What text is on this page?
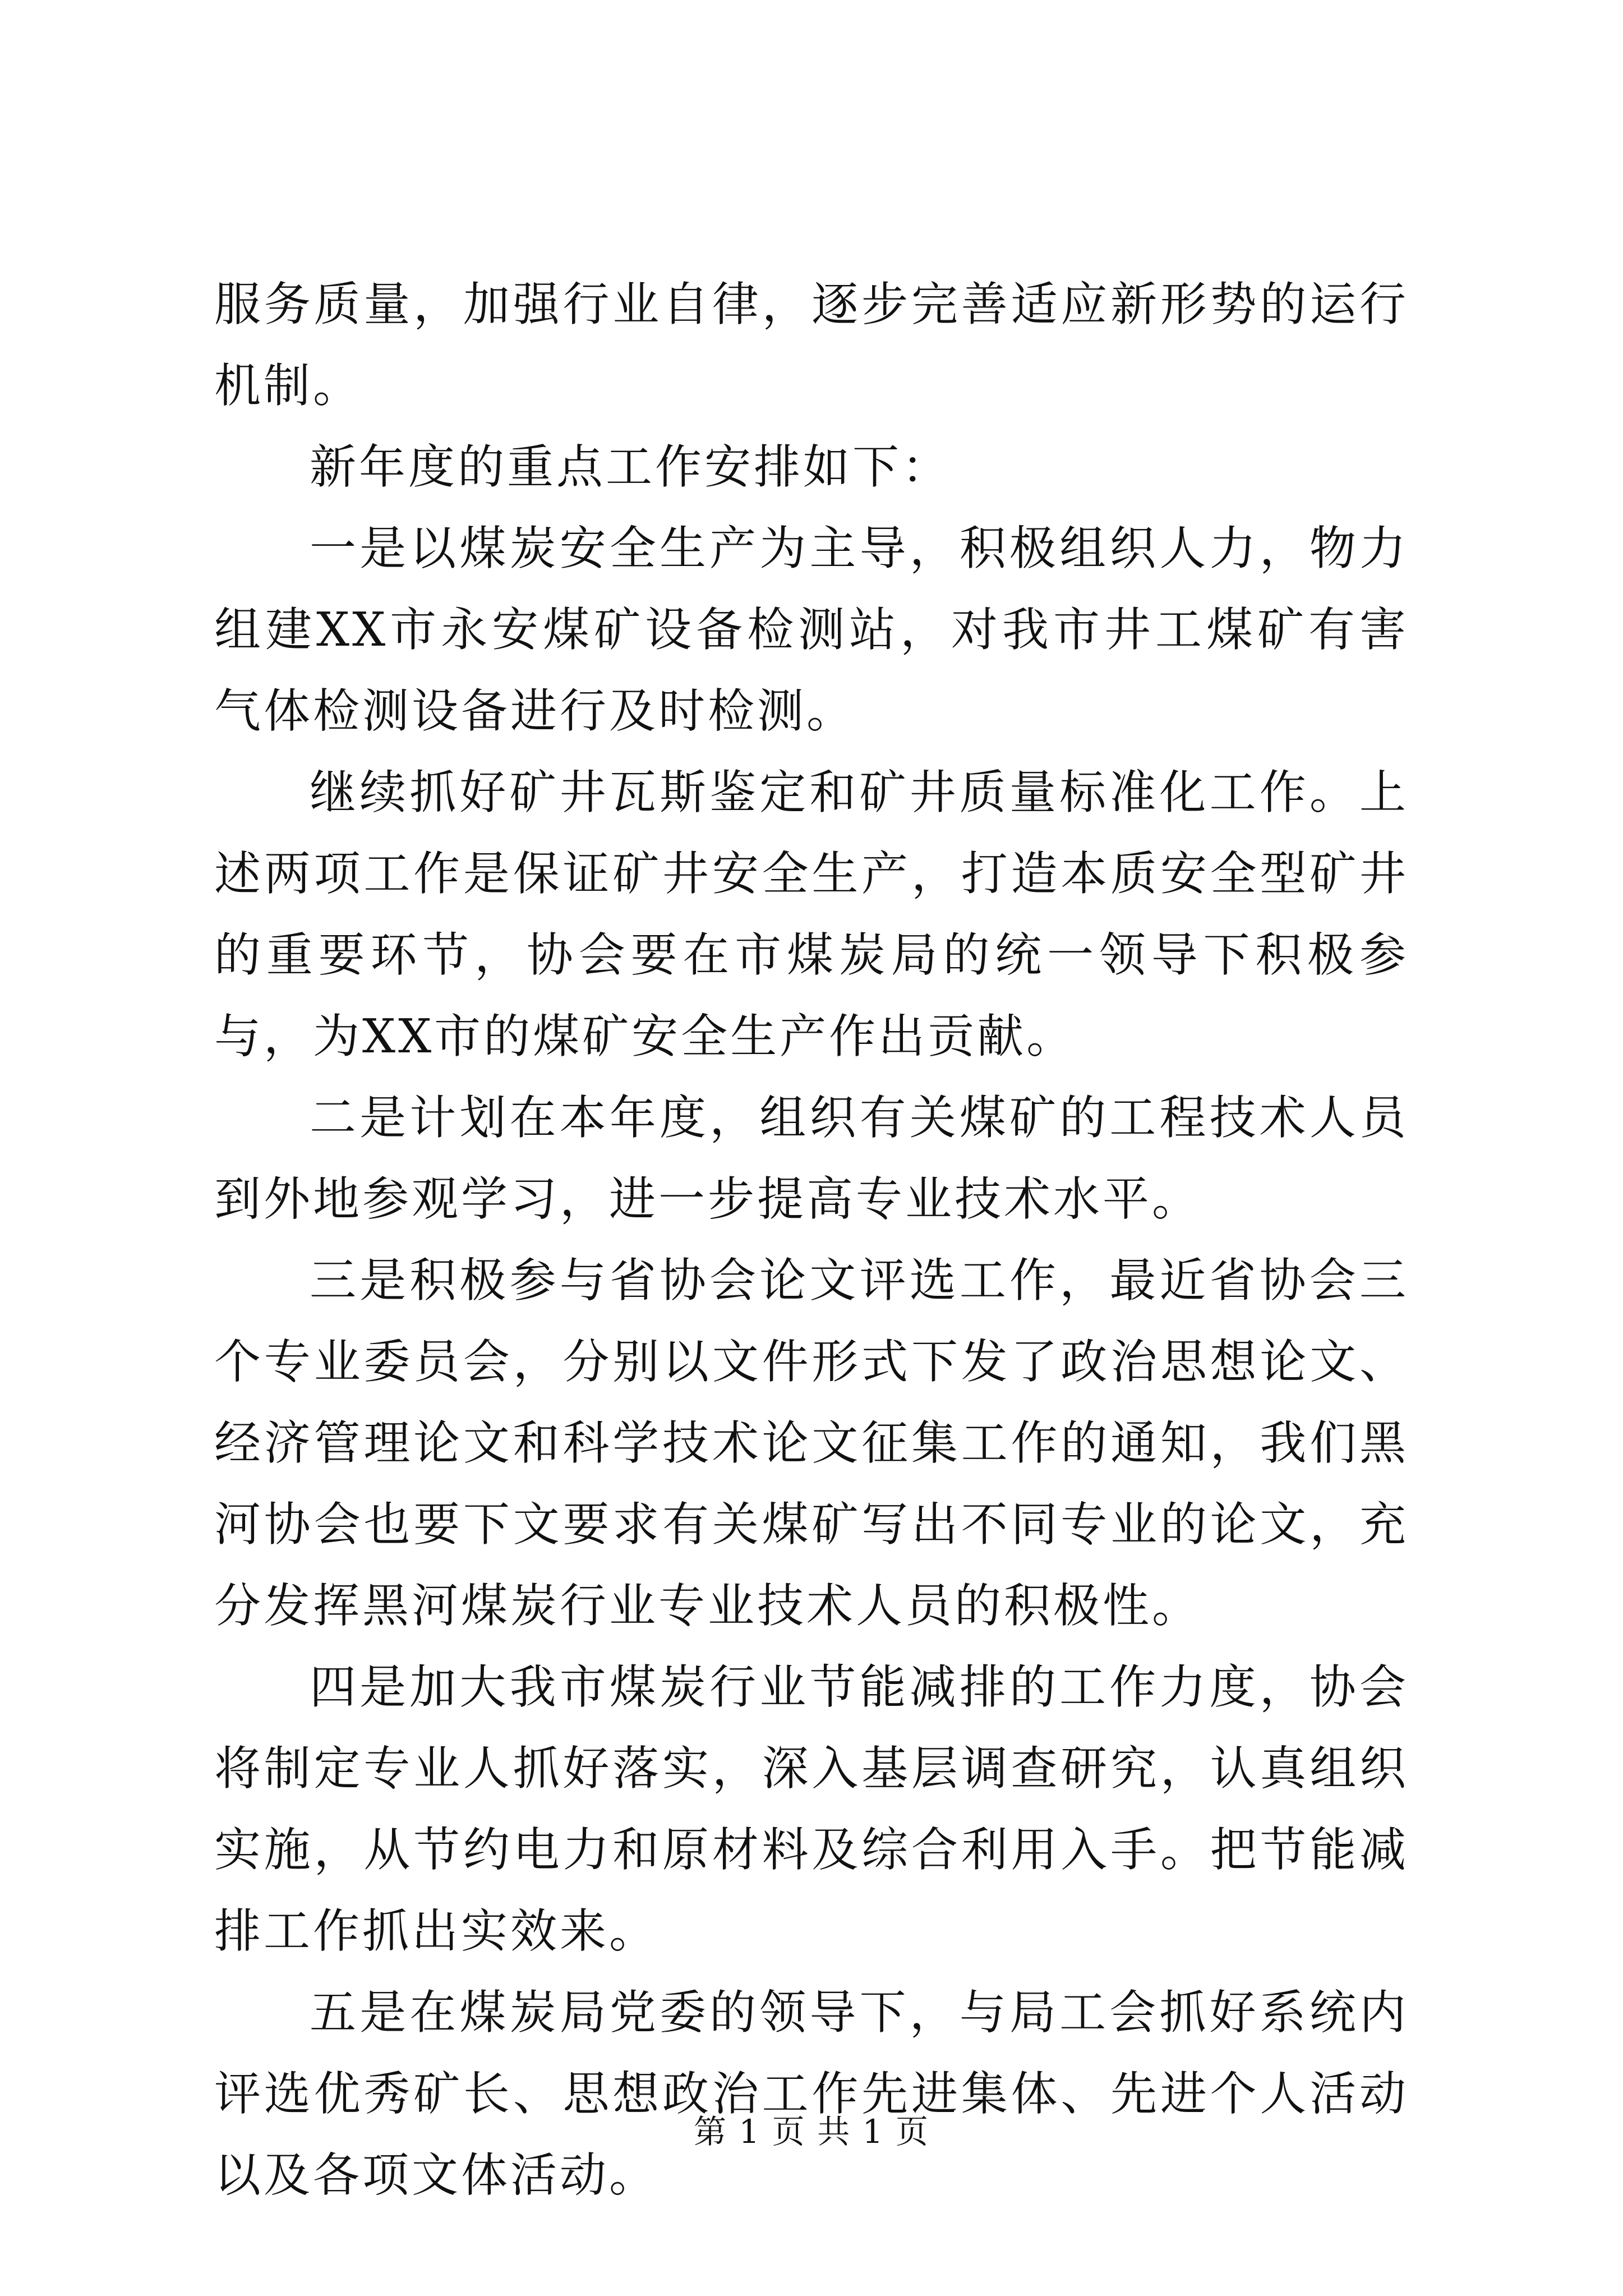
服务质量，加强行业自律，逐步完善适应新形势的运行机制。

新年度的重点工作安排如下：

一是以煤炭安全生产为主导，积极组织人力，物力组建XX市永安煤矿设备检测站，对我市井工煤矿有害气体检测设备进行及时检测。

继续抓好矿井瓦斯鉴定和矿井质量标准化工作。上述两项工作是保证矿井安全生产，打造本质安全型矿井的重要环节，协会要在市煤炭局的统一领导下积极参与，为XX市的煤矿安全生产作出贡献。

二是计划在本年度，组织有关煤矿的工程技术人员到外地参观学习，进一步提高专业技术水平。

三是积极参与省协会论文评选工作，最近省协会三个专业委员会，分别以文件形式下发了政治思想论文、经济管理论文和科学技术论文征集工作的通知，我们黑河协会也要下文要求有关煤矿写出不同专业的论文，充分发挥黑河煤炭行业专业技术人员的积极性。

四是加大我市煤炭行业节能减排的工作力度，协会将制定专业人抓好落实，深入基层调查研究，认真组织实施，从节约电力和原材料及综合利用入手。把节能减排工作抓出实效来。

五是在煤炭局党委的领导下，与局工会抓好系统内评选优秀矿长、思想政治工作先进集体、先进个人活动以及各项文体活动。

第 1 页 共 1 页
